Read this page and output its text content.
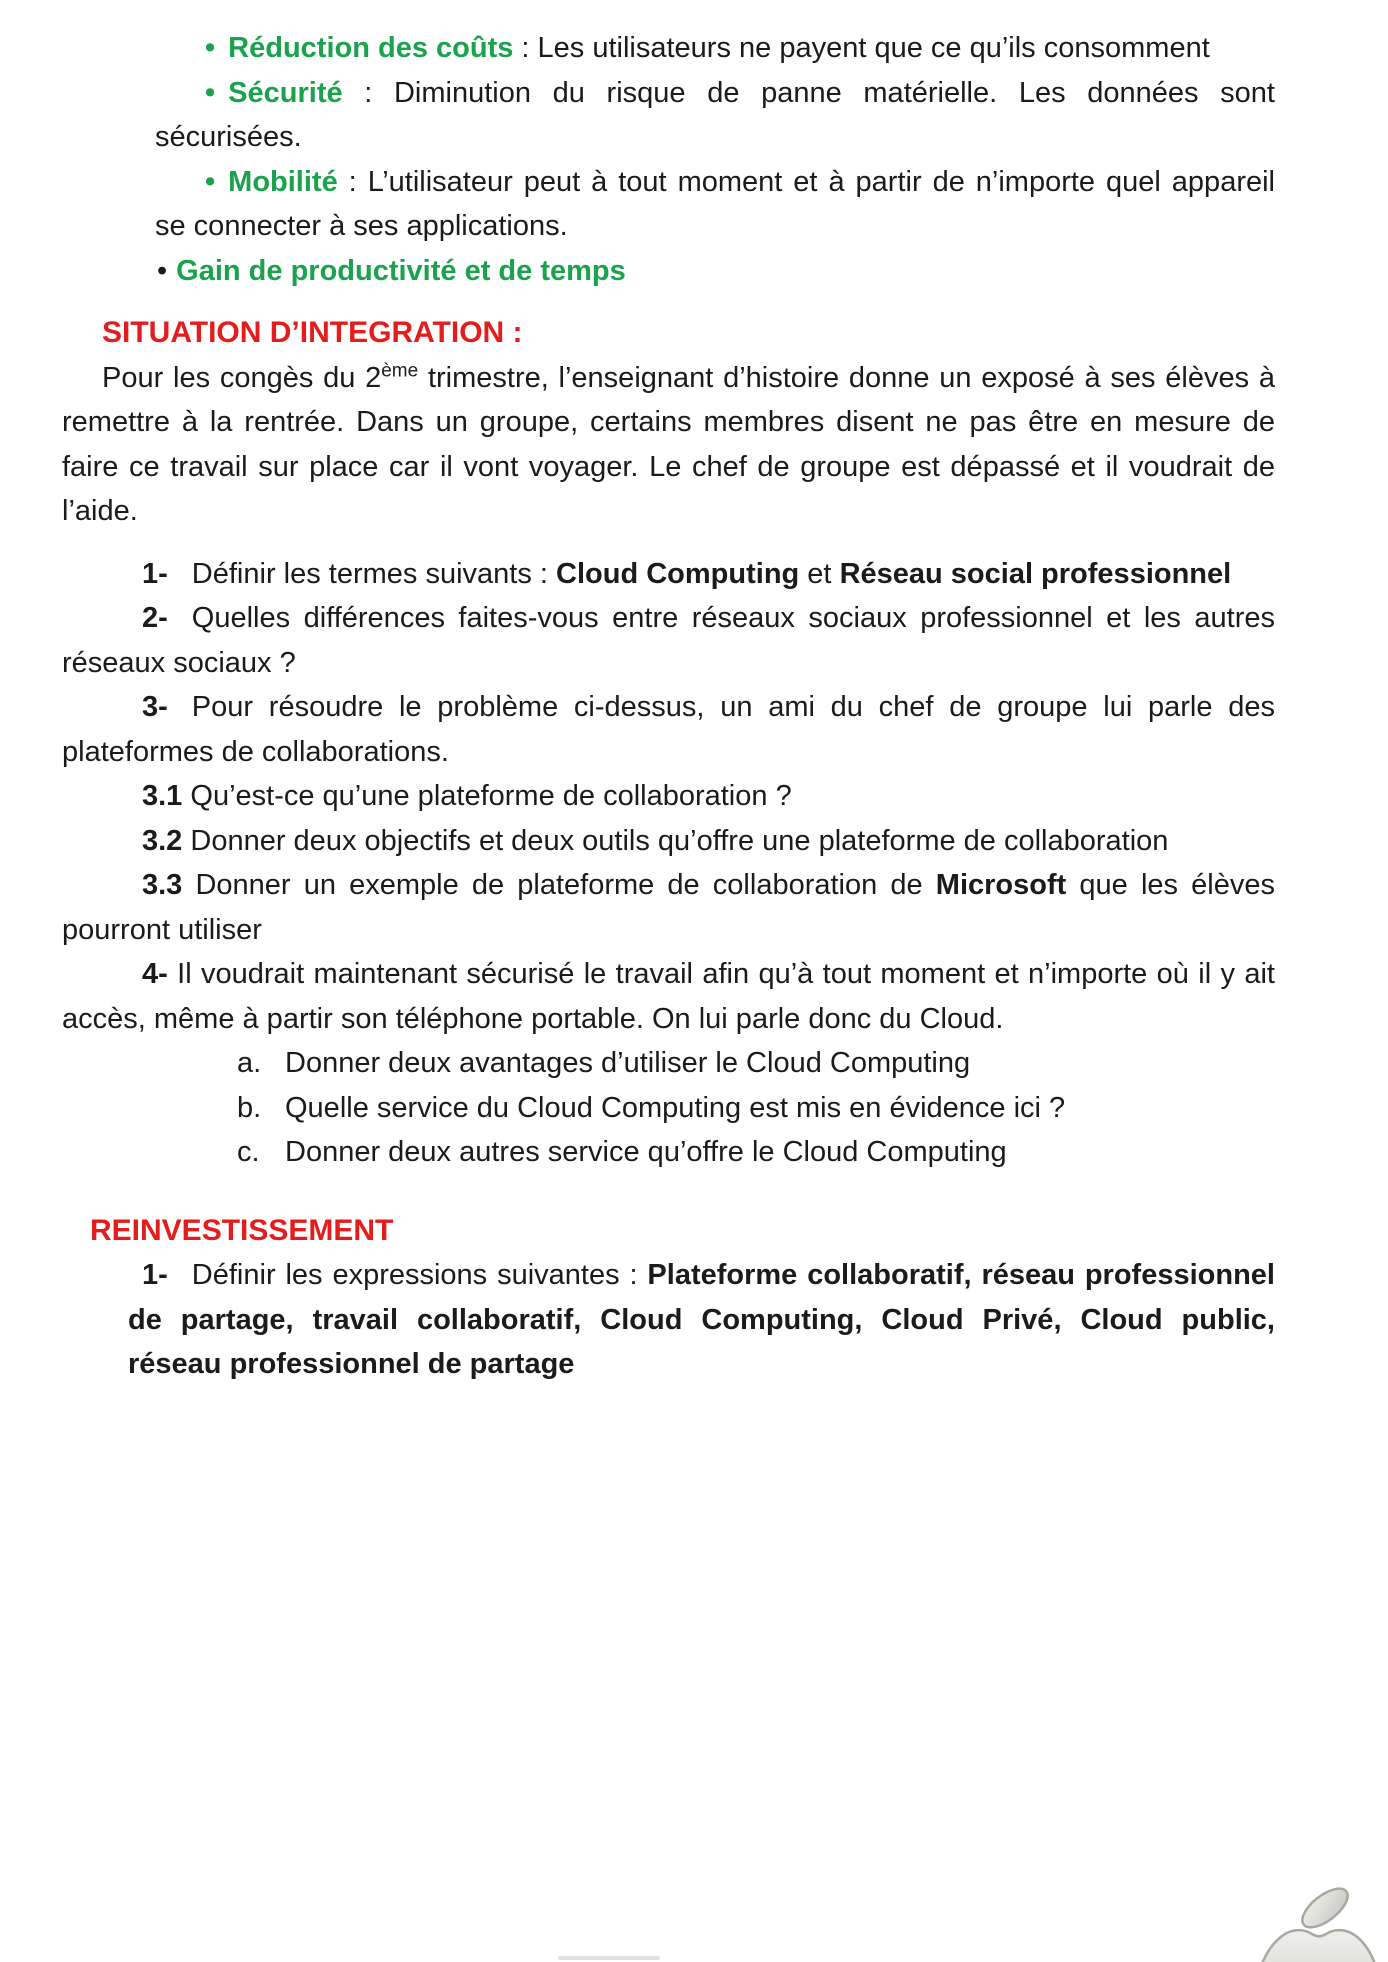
• Réduction des coûts : Les utilisateurs ne payent que ce qu’ils consomment

• Sécurité : Diminution du risque de panne matérielle. Les données sont sécurisées.

• Mobilité : L’utilisateur peut à tout moment et à partir de n’importe quel appareil se connecter à ses applications.

• Gain de productivité et de temps

SITUATION D’INTEGRATION :

Pour les congès du 2ème trimestre, l’enseignant d’histoire donne un exposé à ses élèves à remettre à la rentrée. Dans un groupe, certains membres disent ne pas être en mesure de faire ce travail sur place car il vont voyager. Le chef de groupe est dépassé et il voudrait de l’aide.

1- Définir les termes suivants : Cloud Computing et Réseau social professionnel

2- Quelles différences faites-vous entre réseaux sociaux professionnel et les autres réseaux sociaux ?

3- Pour résoudre le problème ci-dessus, un ami du chef de groupe lui parle des plateformes de collaborations.

3.1 Qu’est-ce qu’une plateforme de collaboration ?

3.2 Donner deux objectifs et deux outils qu’offre une plateforme de collaboration

3.3 Donner un exemple de plateforme de collaboration de Microsoft que les élèves pourront utiliser

4- Il voudrait maintenant sécurisé le travail afin qu’à tout moment et n’importe où il y ait accès, même à partir son téléphone portable. On lui parle donc du Cloud.

a. Donner deux avantages d’utiliser le Cloud Computing

b. Quelle service du Cloud Computing est mis en évidence ici ?

c. Donner deux autres service qu’offre le Cloud Computing

REINVESTISSEMENT

1- Définir les expressions suivantes : Plateforme collaboratif, réseau professionnel de partage, travail collaboratif, Cloud Computing, Cloud Privé, Cloud public, réseau professionnel de partage
